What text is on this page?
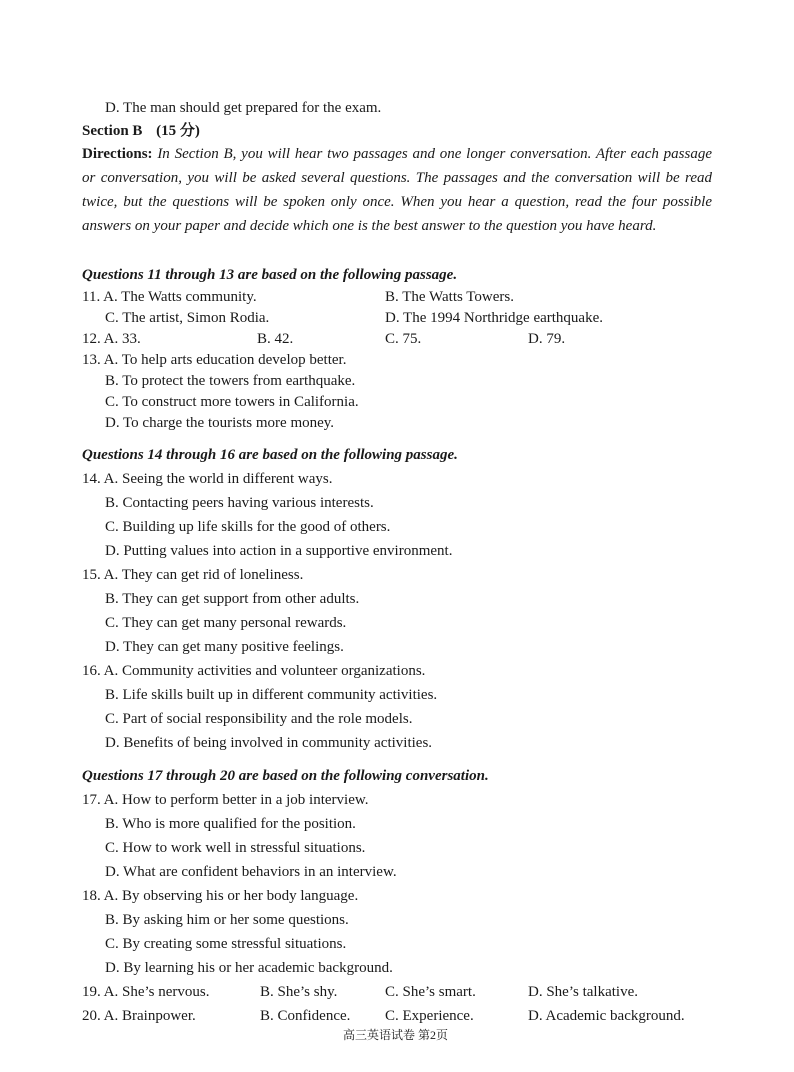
D. The man should get prepared for the exam.
Section B (15 分)
Directions: In Section B, you will hear two passages and one longer conversation. After each passage or conversation, you will be asked several questions. The passages and the conversation will be read twice, but the questions will be spoken only once. When you hear a question, read the four possible answers on your paper and decide which one is the best answer to the question you have heard.
Questions 11 through 13 are based on the following passage.
11. A. The Watts community.	B. The Watts Towers.
C. The artist, Simon Rodia.	D. The 1994 Northridge earthquake.
12. A. 33.	B. 42.	C. 75.	D. 79.
13. A. To help arts education develop better.
B. To protect the towers from earthquake.
C. To construct more towers in California.
D. To charge the tourists more money.
Questions 14 through 16 are based on the following passage.
14. A. Seeing the world in different ways.
B. Contacting peers having various interests.
C. Building up life skills for the good of others.
D. Putting values into action in a supportive environment.
15. A. They can get rid of loneliness.
B. They can get support from other adults.
C. They can get many personal rewards.
D. They can get many positive feelings.
16. A. Community activities and volunteer organizations.
B. Life skills built up in different community activities.
C. Part of social responsibility and the role models.
D. Benefits of being involved in community activities.
Questions 17 through 20 are based on the following conversation.
17. A. How to perform better in a job interview.
B. Who is more qualified for the position.
C. How to work well in stressful situations.
D. What are confident behaviors in an interview.
18. A. By observing his or her body language.
B. By asking him or her some questions.
C. By creating some stressful situations.
D. By learning his or her academic background.
19. A. She’s nervous.	B. She’s shy.	C. She’s smart.	D. She’s talkative.
20. A. Brainpower.	B. Confidence. C. Experience.	D. Academic background.
高三英语试卷 第2页
